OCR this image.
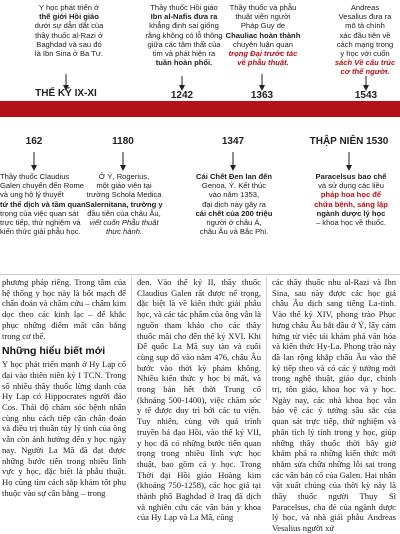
Y học phát triển ở
thế giới Hồi giáo
dưới sự dẫn dắt của
thầy thuốc al-Razi ở
Baghdad và sau đó
là Ibn Sina ở Ba Tư.
Thầy thuốc Hồi giáo
Ibn al-Nafis đưa ra
khẳng định sai giống
rằng không có lỗ thông
giữa các tâm thất của
tim và phát hiện ra
tuần hoàn phổi.
Thầy thuốc và phẫu
thuật viên người
Pháp Guy de
Chauliac hoàn thành
chuyên luận quan
trọng Đại trước tác
về phẫu thuật.
Andreas
Vesalius đưa ra
mô tả chính
xác đầu tiên về
cách mạng trong
y học với cuốn
sách Về cấu trúc
cơ thể người.
THẾ KỶ IX-XI	1242	1363	1543
162	1180	1347	THẬP NIÊN 1530
Thầy thuốc Claudius
Galen chuyển đến Rome
và ung hộ lý thuyết
tứ thể dịch và tầm quan
trọng của việc quan sát
trực tiếp, thử nghiệm và
kiến thức giải phẫu học.
Ở Ý, Rogerius,
một giáo viên tại
trường Schola Medica
Salernitana, trường y
đầu tiên của châu Âu,
viết cuốn Phẫu thuật
thực hành.
Cái Chết Đen lan đến
Genoa, Ý. Kết thúc
vào năm 1353,
đại dịch này gây ra
cái chết của 200 triệu
người ở châu Á,
châu Âu và Bắc Phi.
Paracelsus bao chế
và sử dụng các liều
pháp hoa học để
chữa bệnh, sáng lập
ngành dược lý học
– khoa học về thuốc.

phương pháp riêng. Trong tâm của hệ thống y học này là bốt mạch để chẩn đoán và châm cứu – châm kim dọc theo các kinh lạc – để khắc phục những điểm mất cân bằng trong cơ thể.

Những hiểu biết mới

Y học phát triển mạnh ở Hy Lạp cổ đại vào thiên niên kỷ I TCN. Trong số nhiều thầy thuốc lừng danh của Hy Lạp có Hippocrates người đảo Cos. Thái độ chăm sóc bệnh nhân cùng nhu cách tiếp cận chẩn đoán và điều trị thuần túy lý tính của ông vẫn còn ảnh hưởng đến y học ngày nay. Người La Mã đã đạt được những bước tiến trong nhiều lĩnh vực y học, đặc biệt là phẫu thuật. Họ cũng tìm cách sắp khám tốt phụ thuộc vào sự cân bằng – trong

đen. Vào thế kỷ II, thầy thuốc Claudius Galen rất được nể trọng, đặc biệt là về kiến thức giải phẫu học, và các tác phẩm của ông vẫn là nguồn tham khảo cho các thầy thuốc mãi cho đến thế kỷ XVI. Khi Đế quốc La Mã suy tàn và cuối cùng sụp đổ vào năm 476, châu Âu bước vào thời kỳ phảm không. Nhiều kiến thức y học bị mất, và trong bản hết thời Trung cổ (khoảng 500-1400), việc chăm sóc y tế được duy trì bởi các tu viện. Tuy nhiên, cùng với quá trình truyền bá đạo Hồi, vào thế kỷ VII, y học đã có những bước tiến quan trọng trong nhiều lĩnh vực học thuật, bao gồm cả y học. Trong Thời đại Hồi giáo Hoàng kim (khoảng 750-1258), các học giả tại thành phố Baghdad ở Iraq đã dịch và nghiên cứu các văn bản y khoa của Hy Lạp và La Mã, cũng

các thầy thuốc nhu al-Razi và Ibn Sina, sau này được các học giả châu Âu dịch sang tiếng La-tinh. Vào thế kỷ XIV, phong trào Phục hưng châu Âu bắt đầu ở Ý, lấy cảm hứng từ việc tái khám phá văn hóa và kiến thức Hy-La. Phong trào này đã lan rộng khắp châu Âu vào thế kỷ tiếp theo và có các ý tưởng mới trong nghệ thuật, giáo dục, chính trị, tôn giáo, khoa học và y học. Ngày nay, các nhà khoa học vẫn bảo vệ các ý tưởng sâu sắc của quan sát trực tiếp, thử nghiệm và phân tích lý tính trong y học, giúp những thầy thuốc thời bây giờ khám phá ra những kiến thức mới nhằm sửa chữa những lỗi sai trong các văn bản cổ của Galen. Hai nhân vật xuất chúng của thời kỳ này là thầy thuốc người Thụy Sĩ Paracelsus, cha đẻ của ngành dược lý học, và nhà giải phẫu Andreas Vesalius người xứ
